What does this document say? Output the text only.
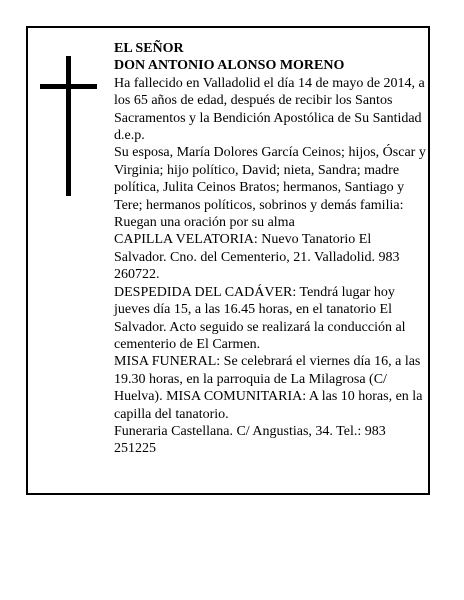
EL SEÑOR
DON ANTONIO ALONSO MORENO
Ha fallecido en Valladolid el día 14 de mayo de 2014, a
los 65 años de edad, después de recibir los Santos
Sacramentos y la Bendición Apostólica de Su Santidad
d.e.p.
Su esposa, María Dolores García Ceinos; hijos, Óscar y
Virginia; hijo político, David; nieta, Sandra; madre
política, Julita Ceinos Bratos; hermanos, Santiago y
Tere; hermanos políticos, sobrinos y demás familia:
Ruegan una oración por su alma
CAPILLA VELATORIA: Nuevo Tanatorio El
Salvador. Cno. del Cementerio, 21. Valladolid. 983
260722.
DESPEDIDA DEL CADÁVER: Tendrá lugar hoy
jueves día 15, a las 16.45 horas, en el tanatorio El
Salvador. Acto seguido se realizará la conducción al
cementerio de El Carmen.
MISA FUNERAL: Se celebrará el viernes día 16, a las
19.30 horas, en la parroquia de La Milagrosa (C/
Huelva). MISA COMUNITARIA: A las 10 horas, en la
capilla del tanatorio.
Funeraria Castellana. C/ Angustias, 34. Tel.: 983
251225
